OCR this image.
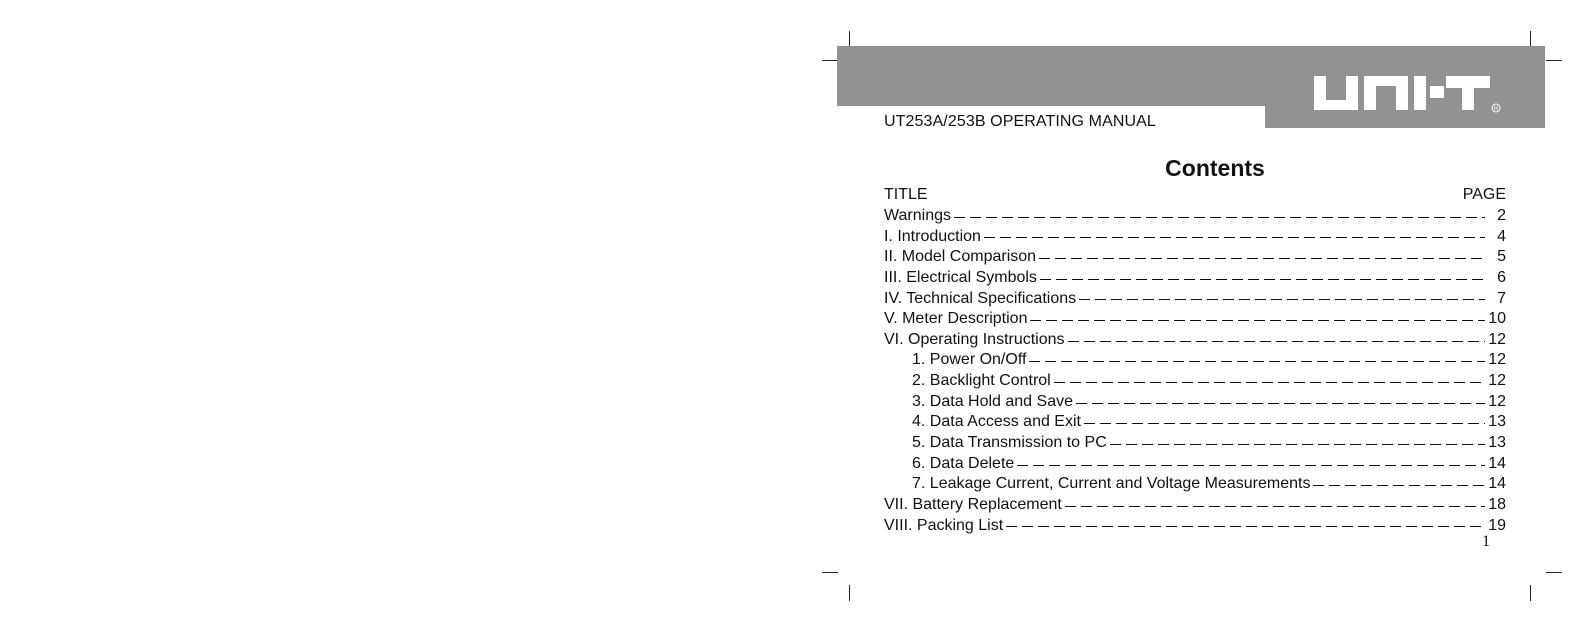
R
UT253A/253B OPERATING MANUAL
Contents
TITLE	PAGE
Warnings	2
I. Introduction	4
II. Model Comparison	5
III. Electrical Symbols	6
IV. Technical Specifications	7
V. Meter Description	10
VI. Operating Instructions	12
1. Power On/Off	12
2. Backlight Control	12
3. Data Hold and Save	12
4. Data Access and Exit	13
5. Data Transmission to PC	13
6. Data Delete	14
7. Leakage Current, Current and Voltage Measurements	14
VII. Battery Replacement	18
VIII. Packing List	19
1
